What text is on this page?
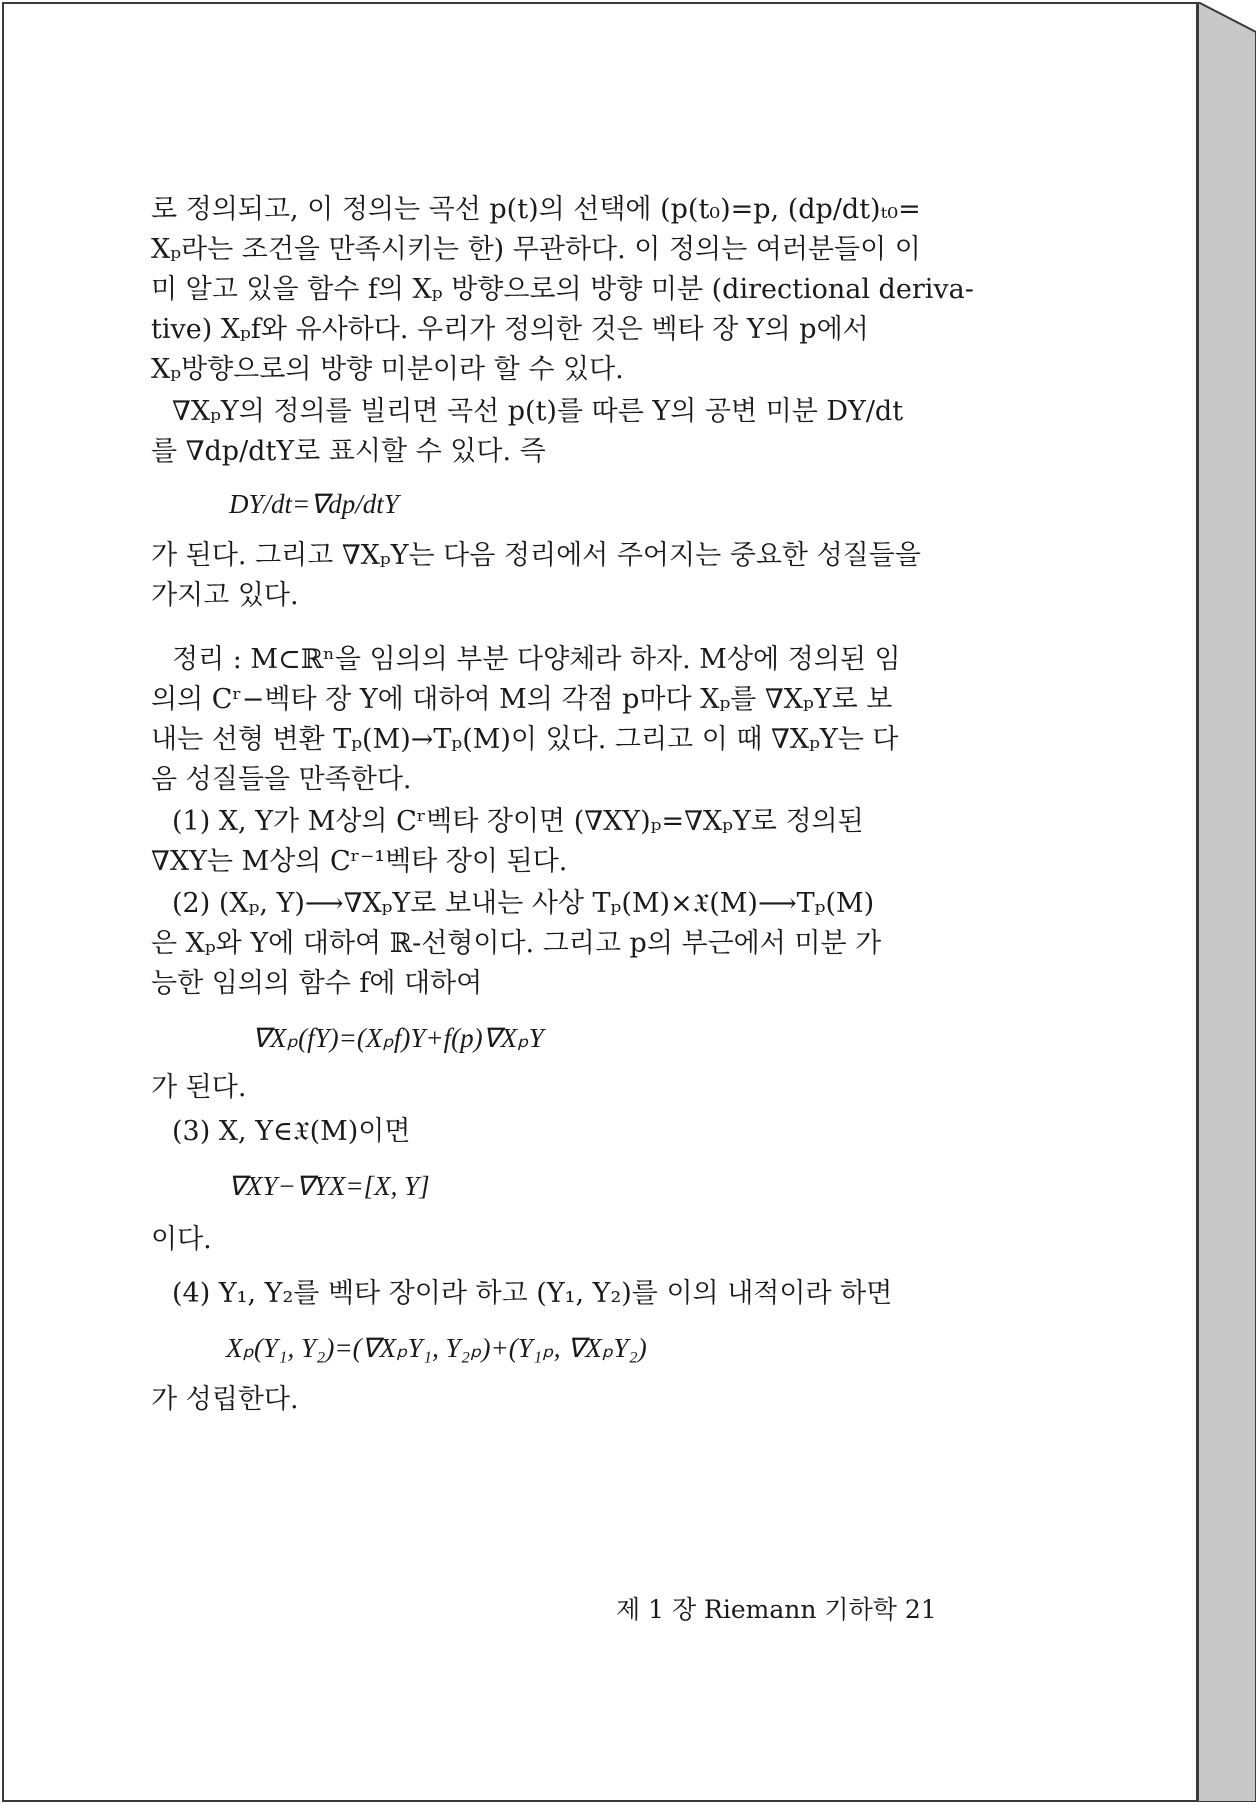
로 정의되고, 이 정의는 곡선 p(t)의 선택에 (p(t₀)=p, (dp/dt)ₜ₀=
Xₚ라는 조건을 만족시키는 한) 무관하다. 이 정의는 여러분들이 이
미 알고 있을 함수 f의 Xₚ 방향으로의 방향 미분 (directional deriva-
tive) Xₚf와 유사하다. 우리가 정의한 것은 벡타 장 Y의 p에서
Xₚ방향으로의 방향 미분이라 할 수 있다.
∇XₚY의 정의를 빌리면 곡선 p(t)를 따른 Y의 공변 미분 DY/dt
를 ∇dp/dtY로 표시할 수 있다. 즉
DY/dt=∇dp/dtY
가 된다. 그리고 ∇XₚY는 다음 정리에서 주어지는 중요한 성질들을
가지고 있다.
정리 : M⊂ℝⁿ을 임의의 부분 다양체라 하자. M상에 정의된 임
의의 Cʳ−벡타 장 Y에 대하여 M의 각점 p마다 Xₚ를 ∇XₚY로 보
내는 선형 변환 Tₚ(M)→Tₚ(M)이 있다. 그리고 이 때 ∇XₚY는 다
음 성질들을 만족한다.
(1) X, Y가 M상의 Cʳ벡타 장이면 (∇XY)ₚ=∇XₚY로 정의된
∇XY는 M상의 Cʳ⁻¹벡타 장이 된다.
(2) (Xₚ, Y)⟶∇XₚY로 보내는 사상 Tₚ(M)×𝔛(M)⟶Tₚ(M)
은 Xₚ와 Y에 대하여 ℝ-선형이다. 그리고 p의 부근에서 미분 가
능한 임의의 함수 f에 대하여
∇Xₚ(fY)=(Xₚf)Y+f(p)∇XₚY
가 된다.
(3) X, Y∈𝔛(M)이면
∇XY−∇YX=[X, Y]
이다.
(4) Y₁, Y₂를 벡타 장이라 하고 (Y₁, Y₂)를 이의 내적이라 하면
Xₚ(Y₁, Y₂)=(∇XₚY₁, Y₂ₚ)+(Y₁ₚ, ∇XₚY₂)
가 성립한다.
제 1 장 Riemann 기하학 21
